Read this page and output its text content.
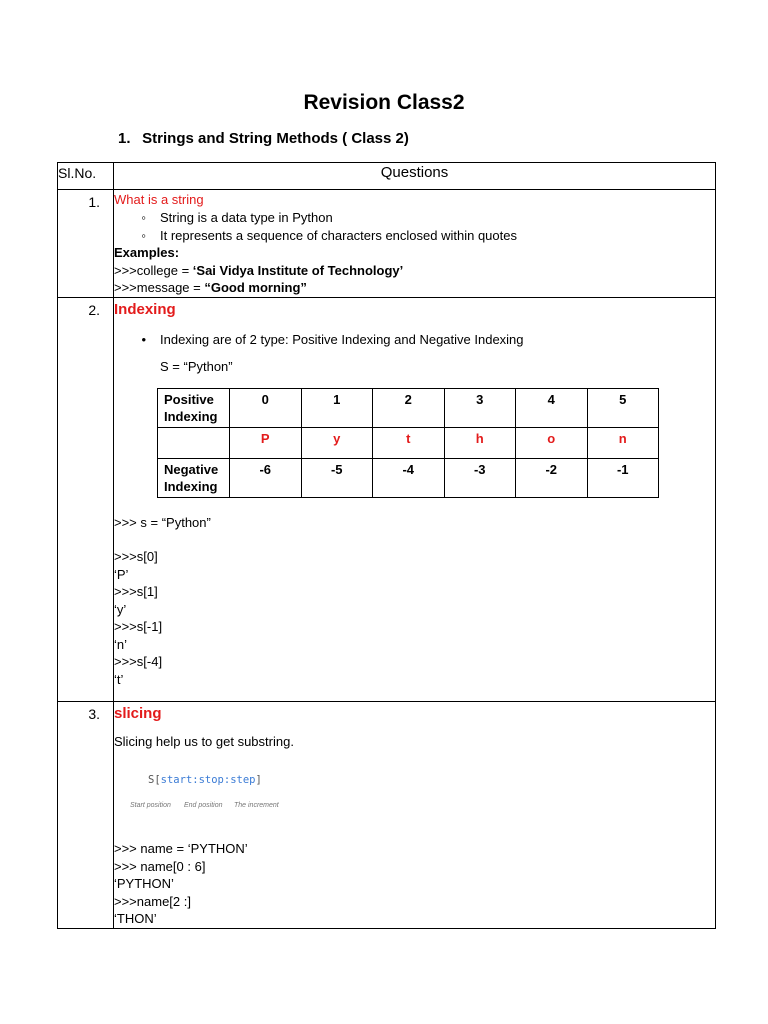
Revision Class2
1. Strings and String Methods ( Class 2)
Sl.No.	Questions
1.	What is a string
◦	String is a data type in Python
◦	It represents a sequence of characters enclosed within quotes
Examples:
>>>college = ‘Sai Vidya Institute of Technology’
>>>message = “Good morning”

2.	Indexing
•	Indexing are of 2 type: Positive Indexing and Negative Indexing
S = “Python”
Positive Indexing	0	1	2	3	4	5
	P	y	t	h	o	n
Negative Indexing	-6	-5	-4	-3	-2	-1
>>> s = “Python”
>>>s[0]
‘P’
>>>s[1]
‘y’
>>>s[-1]
‘n’
>>>s[-4]
‘t’

3.	slicing
Slicing help us to get substring.
S[start:stop:step]
Start position End position The increment
>>> name = ‘PYTHON’
>>> name[0 : 6]
‘PYTHON’
>>>name[2 :]
‘THON’
